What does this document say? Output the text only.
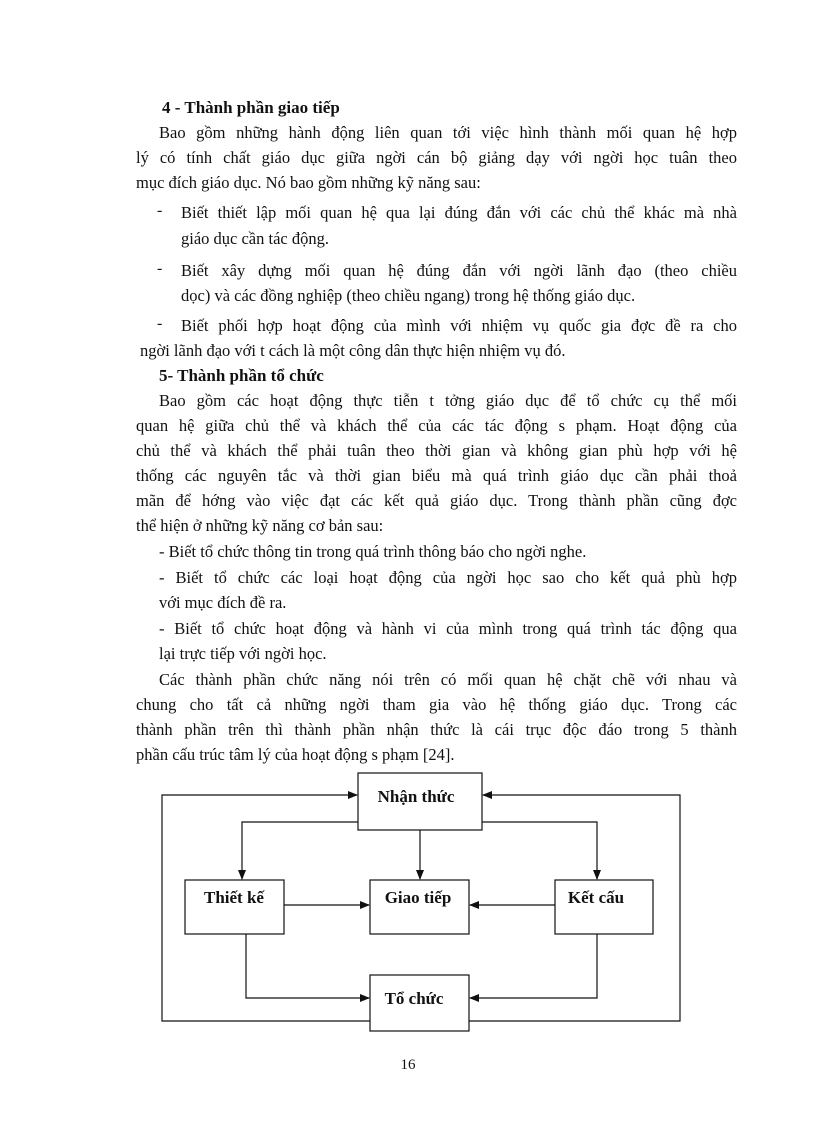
4 - Thành phần giao tiếp
Bao gồm những hành động liên quan tới việc hình thành mối quan hệ hợp
lý có tính chất giáo dục giữa ngời cán bộ giảng dạy với ngời học tuân theo
mục đích giáo dục. Nó bao gồm những kỹ năng sau:
- Biết thiết lập mối quan hệ qua lại đúng đắn với các chủ thể khác mà nhà
giáo dục cần tác động.
- Biết xây dựng mối quan hệ đúng đắn với ngời lãnh đạo (theo chiều
dọc) và các đồng nghiệp (theo chiều ngang) trong hệ thống giáo dục.
- Biết phối hợp hoạt động của mình với nhiệm vụ quốc gia đợc đề ra cho
ngời lãnh đạo với t cách là một công dân thực hiện nhiệm vụ đó.
5- Thành phần tổ chức
Bao gồm các hoạt động thực tiễn t tởng giáo dục để tổ chức cụ thể mối
quan hệ giữa chủ thể và khách thể của các tác động s phạm. Hoạt động của
chủ thể và khách thể phải tuân theo thời gian và không gian phù hợp với hệ
thống các nguyên tắc và thời gian biểu mà quá trình giáo dục cần phải thoả
mãn để hớng vào việc đạt các kết quả giáo dục. Trong thành phần cũng đợc
thể hiện ở những kỹ năng cơ bản sau:
- Biết tổ chức thông tin trong quá trình thông báo cho ngời nghe.
- Biết tổ chức các loại hoạt động của ngời học sao cho kết quả phù hợp
với mục đích đề ra.
- Biết tổ chức hoạt động và hành vi của mình trong quá trình tác động qua
lại trực tiếp với ngời học.
Các thành phần chức năng nói trên có mối quan hệ chặt chẽ với nhau và
chung cho tất cả những ngời tham gia vào hệ thống giáo dục. Trong các
thành phần trên thì thành phần nhận thức là cái trục độc đáo trong 5 thành
phần cấu trúc tâm lý của hoạt động s phạm [24].
Nhận thức
Thiết kế	Giao tiếp	Kết cấu
Tổ chức
16
